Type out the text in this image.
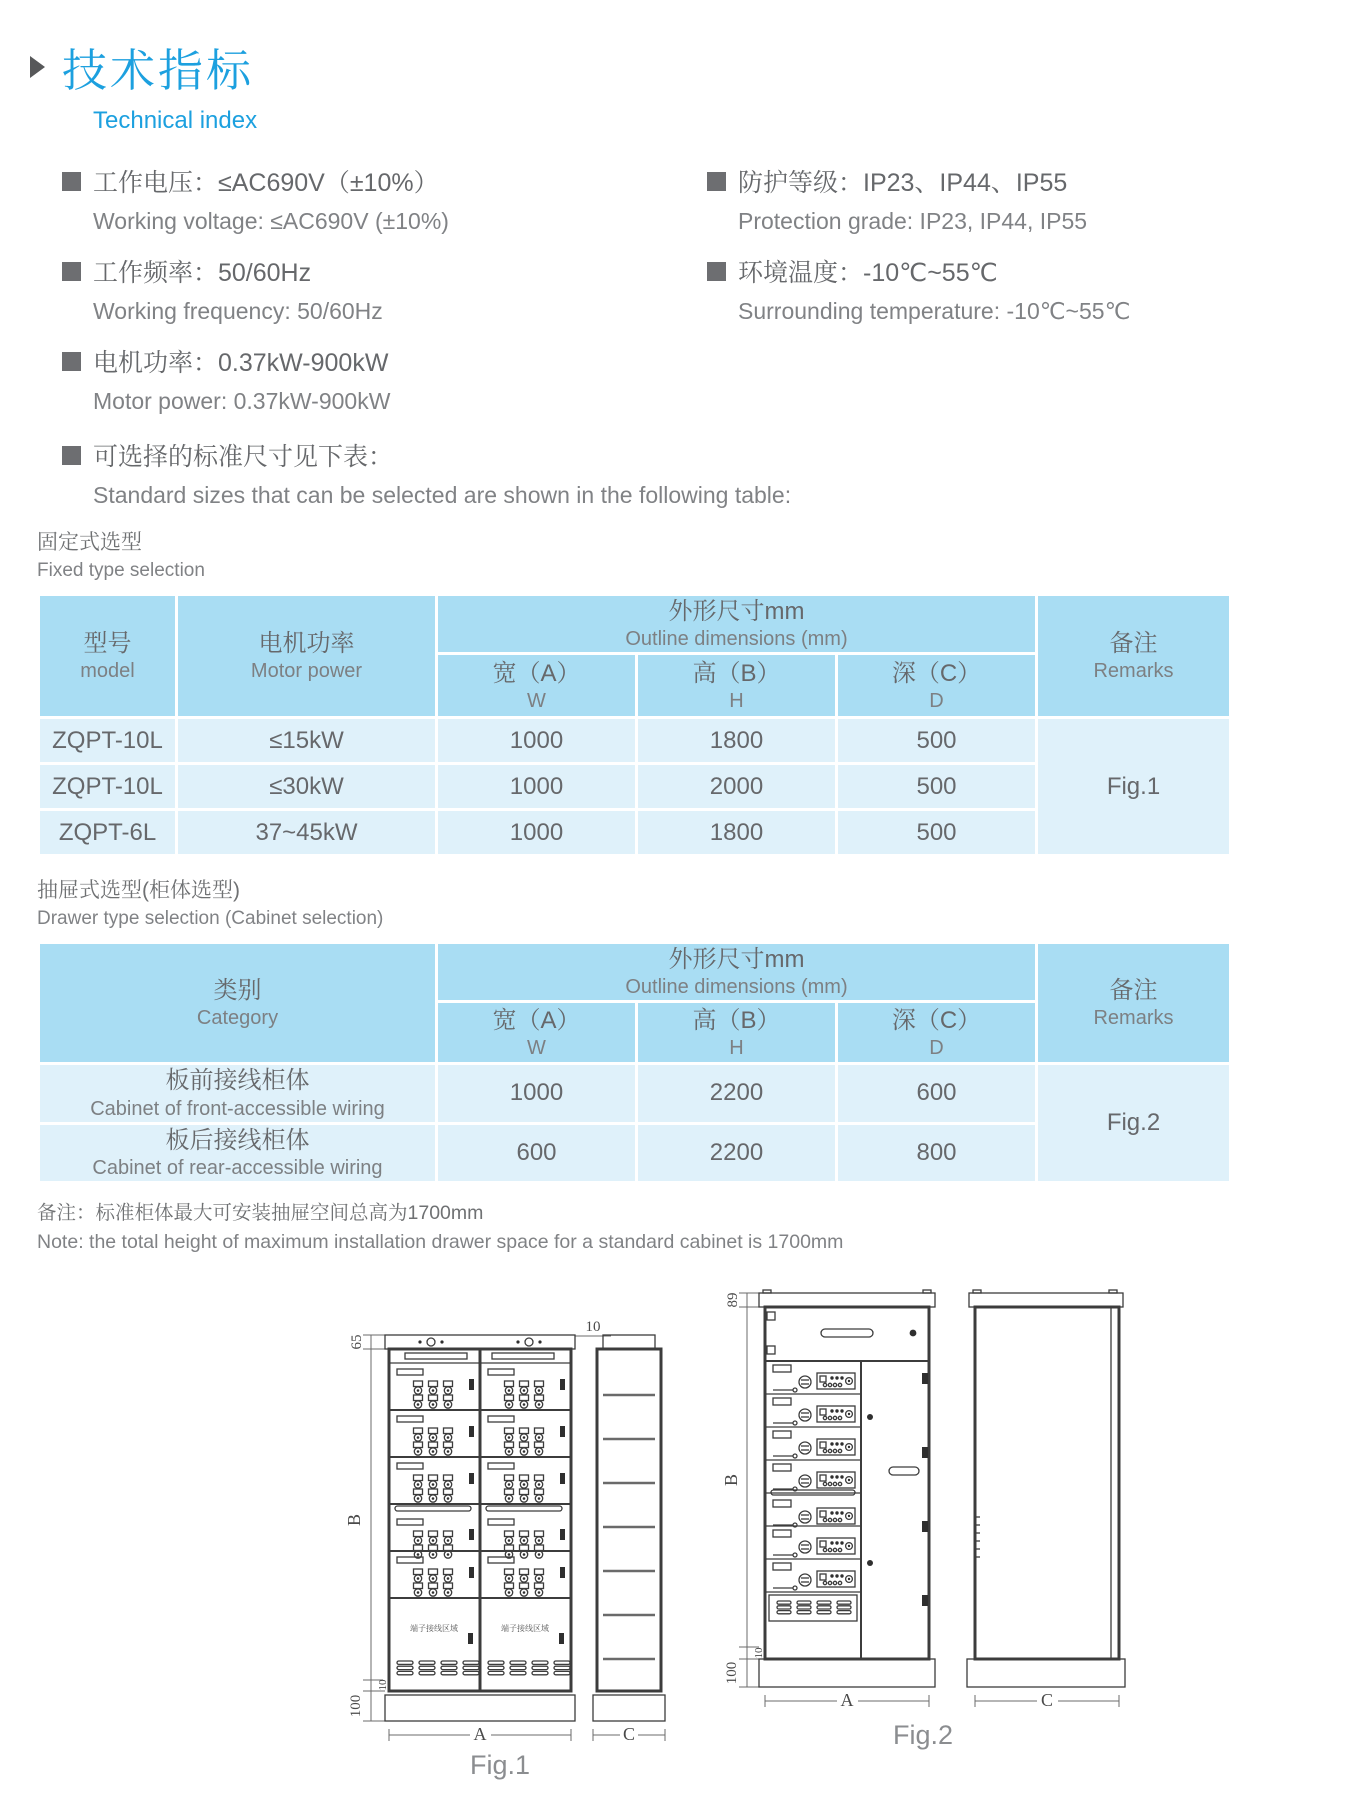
技术指标
Technical index
工作电压：≤AC690V（±10%）
Working voltage: ≤AC690V (±10%)
工作频率：50/60Hz
Working frequency: 50/60Hz
电机功率：0.37kW-900kW
Motor power: 0.37kW-900kW
防护等级：IP23、IP44、IP55
Protection grade: IP23, IP44, IP55
环境温度：-10℃~55℃
Surrounding temperature: -10℃~55℃
可选择的标准尺寸见下表：
Standard sizes that can be selected are shown in the following table:
固定式选型
Fixed type selection
型号
model

电机功率
Motor power

外形尺寸mm
Outline dimensions (mm)	备注
Remarks

宽（A）
W

高（B）
H

深（C）
D

ZQPT-10L	≤15kW	1000	1800	500	Fig.1
ZQPT-10L	≤30kW	1000	2000	500	
ZQPT-6L	37~45kW	1000	1800	500	
抽屉式选型(柜体选型)
Drawer type selection (Cabinet selection)
类别
Category

外形尺寸mm
Outline dimensions (mm)	备注
Remarks

宽（A）
W

高（B）
H

深（C）
D

板前接线柜体
Cabinet of front-accessible wiring	1000	2200	600	Fig.2

板后接线柜体
Cabinet of rear-accessible wiring	600	2200	800	
备注：标准柜体最大可安装抽屉空间总高为1700mm
Note: the total height of maximum installation drawer space for a standard cabinet is 1700mm
65
B
10
100
10
端子接线区域	端子接线区域
A	C
Fig.1
89
B
10
100
A	C
Fig.2
